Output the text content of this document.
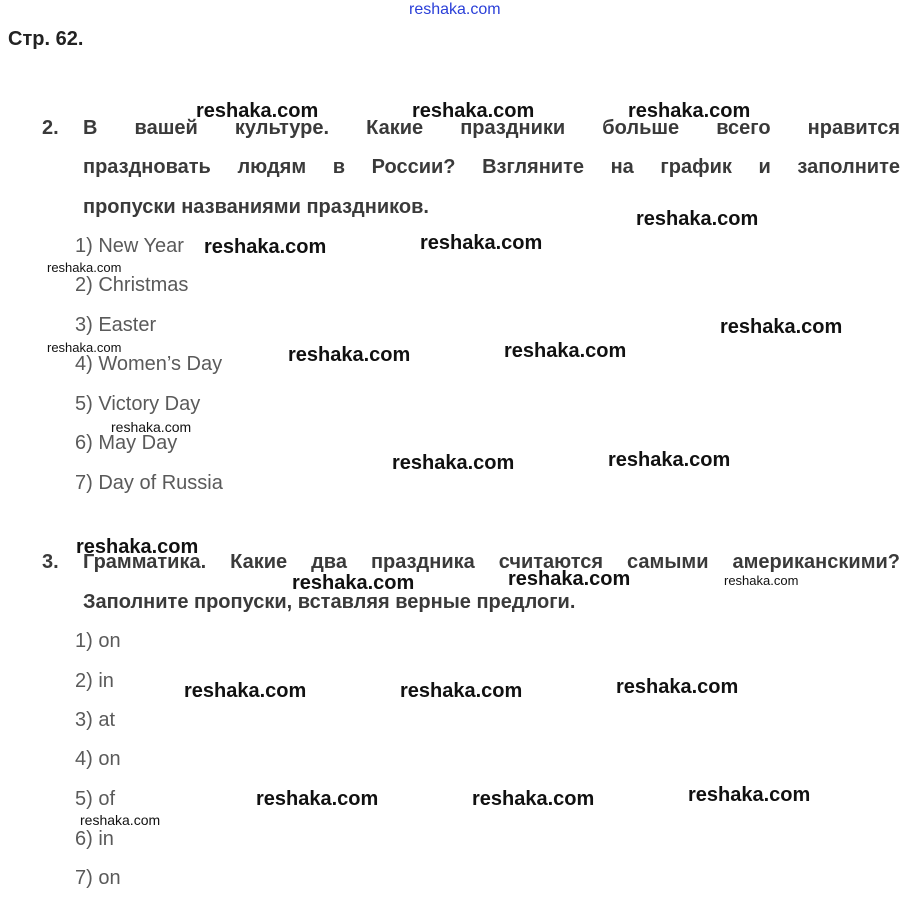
reshaka.com
Стр. 62.
2. В вашей культуре. Какие праздники больше всего нравится
праздновать людям в России? Взгляните на график и заполните
пропуски названиями праздников.
1) New Year
2) Christmas
3) Easter
4) Women’s Day
5) Victory Day
6) May Day
7) Day of Russia
3. Грамматика. Какие два праздника считаются самыми американскими?
Заполните пропуски, вставляя верные предлоги.
1) on
2) in
3) at
4) on
5) of
6) in
7) on
reshaka.com	reshaka.com	reshaka.com
reshaka.com
reshaka.com	reshaka.com
reshaka.com
reshaka.com
reshaka.com	reshaka.com	reshaka.com
reshaka.com
reshaka.com	reshaka.com
reshaka.com
reshaka.com	reshaka.com	reshaka.com
reshaka.com	reshaka.com	reshaka.com
reshaka.com	reshaka.com	reshaka.com
reshaka.com
